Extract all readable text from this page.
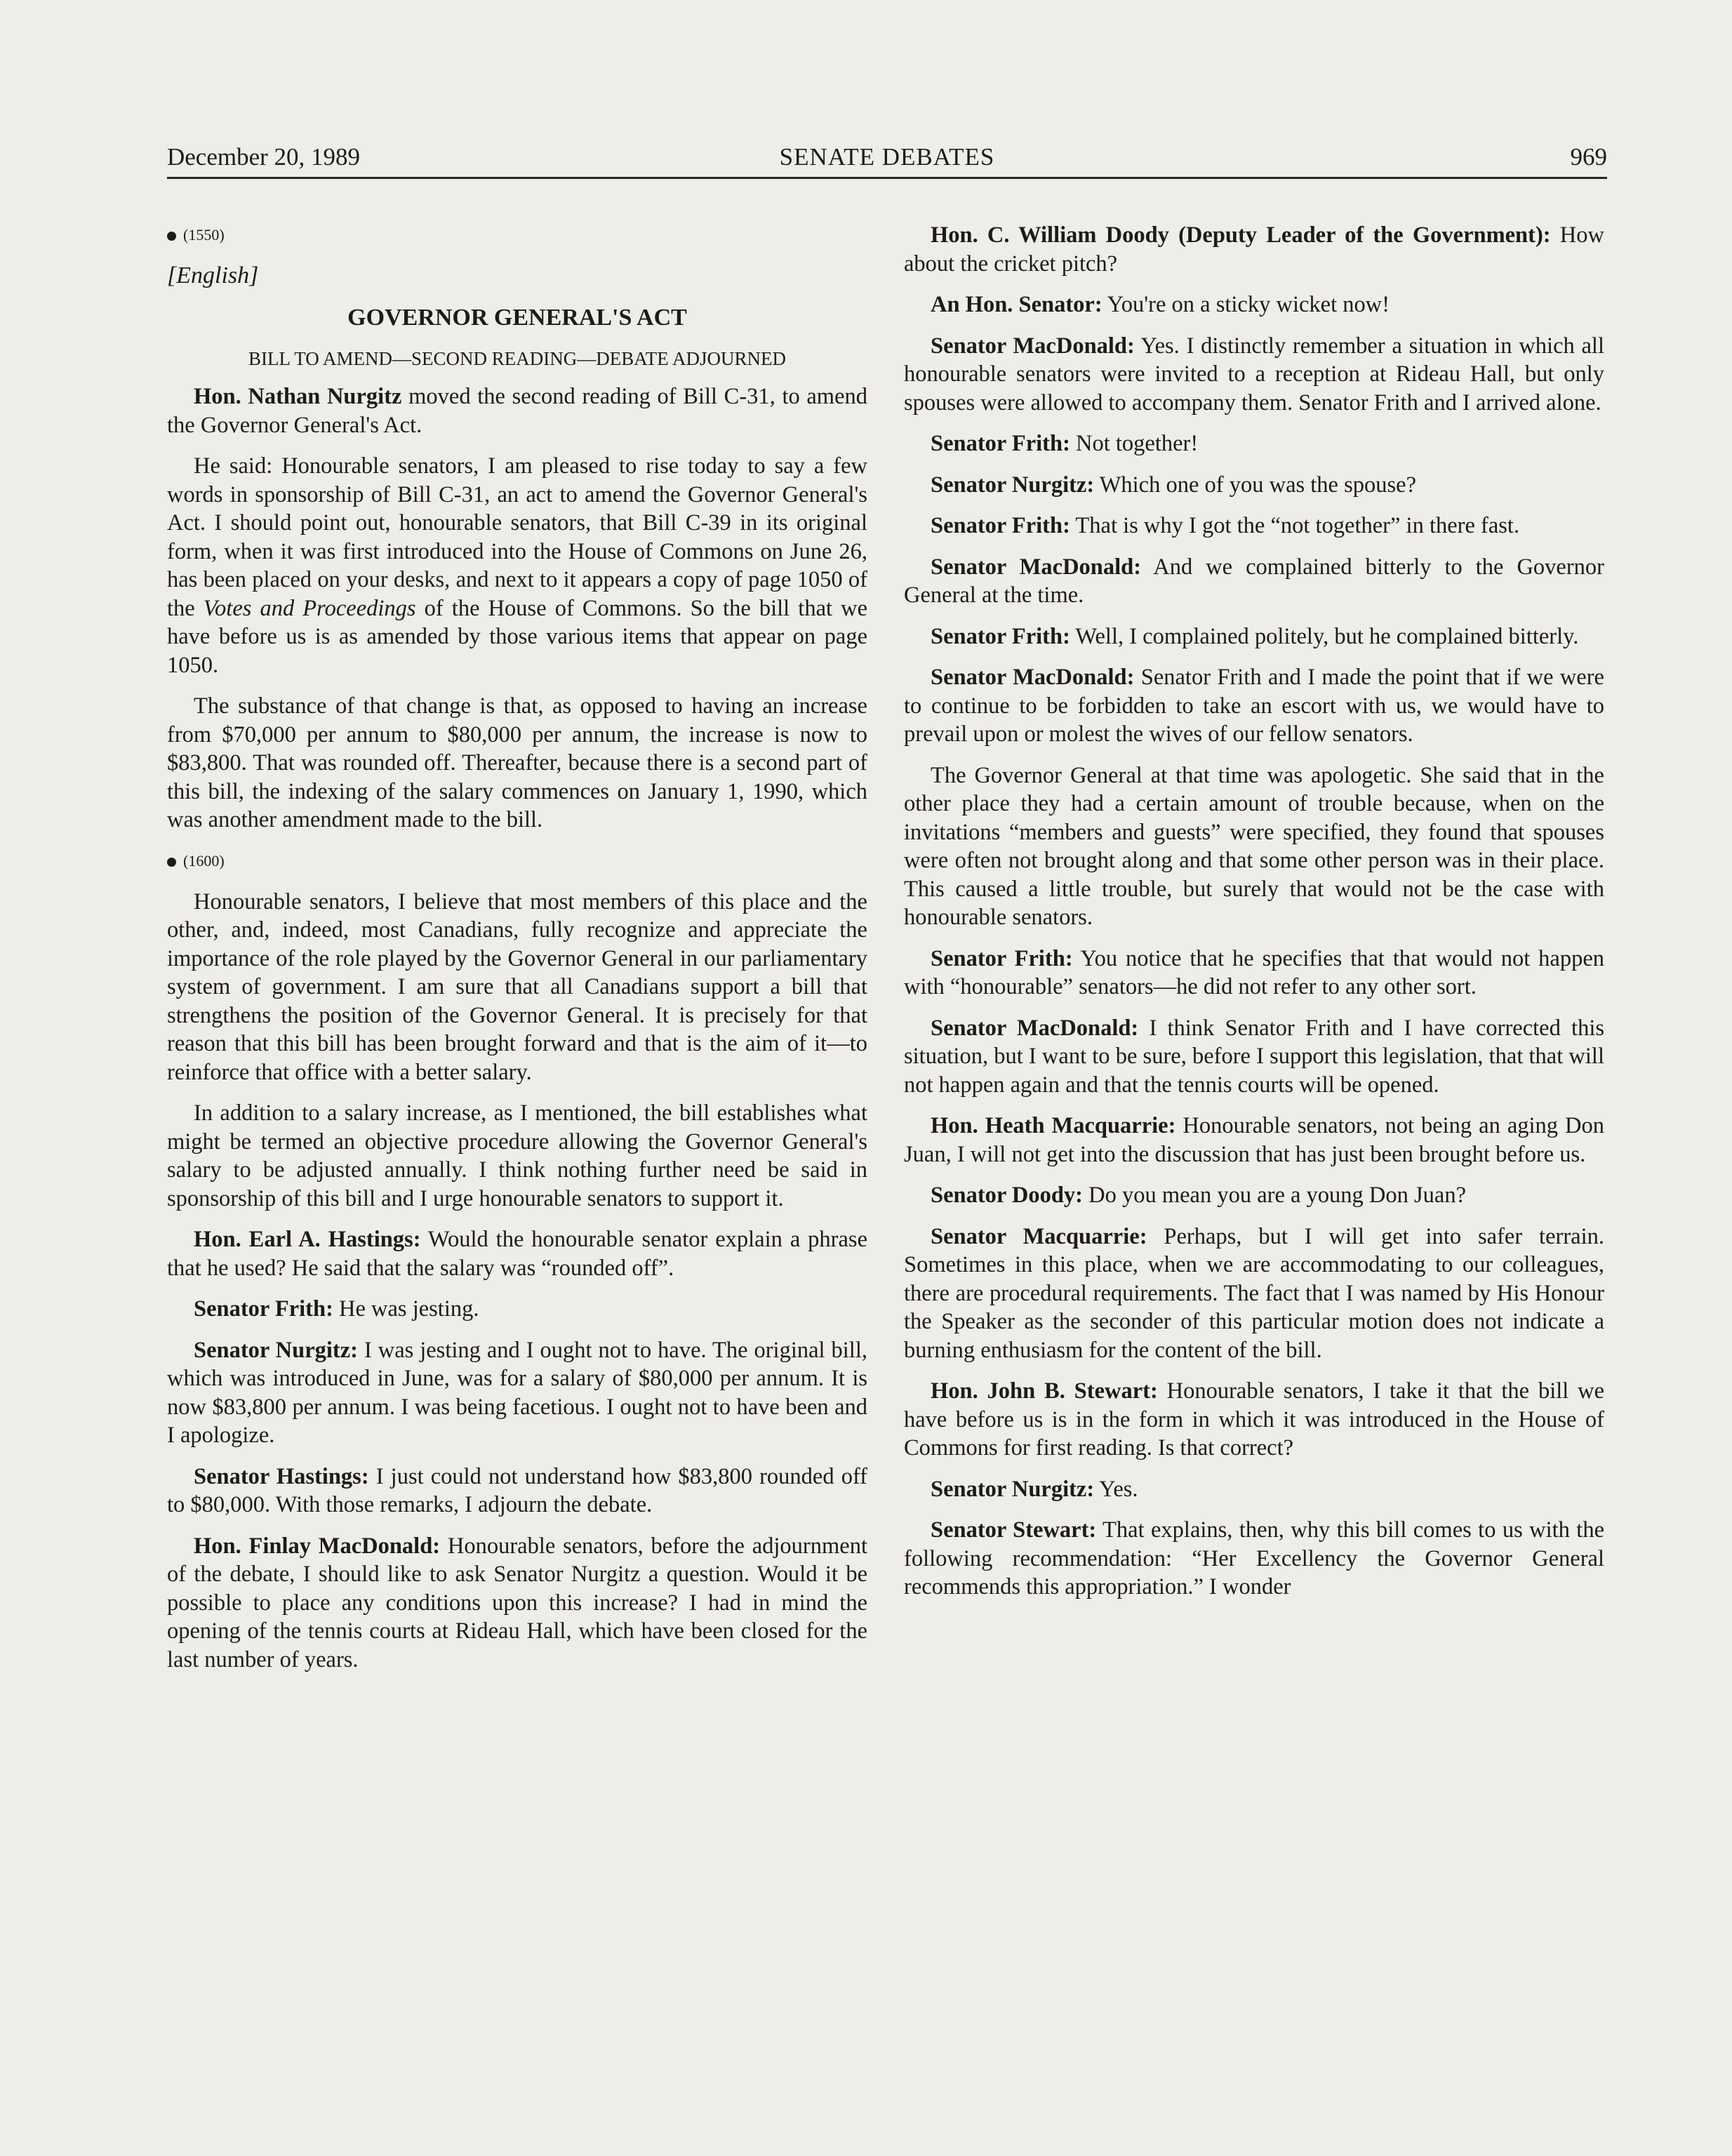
December 20, 1989	SENATE DEBATES	969
(1550)
[English]
GOVERNOR GENERAL'S ACT
BILL TO AMEND—SECOND READING—DEBATE ADJOURNED

Hon. Nathan Nurgitz moved the second reading of Bill C-31, to amend the Governor General's Act.

He said: Honourable senators, I am pleased to rise today to say a few words in sponsorship of Bill C-31, an act to amend the Governor General's Act. I should point out, honourable senators, that Bill C-39 in its original form, when it was first introduced into the House of Commons on June 26, has been placed on your desks, and next to it appears a copy of page 1050 of the Votes and Proceedings of the House of Commons. So the bill that we have before us is as amended by those various items that appear on page 1050.

The substance of that change is that, as opposed to having an increase from $70,000 per annum to $80,000 per annum, the increase is now to $83,800. That was rounded off. Thereafter, because there is a second part of this bill, the indexing of the salary commences on January 1, 1990, which was another amendment made to the bill.

(1600)

Honourable senators, I believe that most members of this place and the other, and, indeed, most Canadians, fully recognize and appreciate the importance of the role played by the Governor General in our parliamentary system of government. I am sure that all Canadians support a bill that strengthens the position of the Governor General. It is precisely for that reason that this bill has been brought forward and that is the aim of it—to reinforce that office with a better salary.

In addition to a salary increase, as I mentioned, the bill establishes what might be termed an objective procedure allowing the Governor General's salary to be adjusted annually. I think nothing further need be said in sponsorship of this bill and I urge honourable senators to support it.

Hon. Earl A. Hastings: Would the honourable senator explain a phrase that he used? He said that the salary was “rounded off”.

Senator Frith: He was jesting.

Senator Nurgitz: I was jesting and I ought not to have. The original bill, which was introduced in June, was for a salary of $80,000 per annum. It is now $83,800 per annum. I was being facetious. I ought not to have been and I apologize.

Senator Hastings: I just could not understand how $83,800 rounded off to $80,000. With those remarks, I adjourn the debate.

Hon. Finlay MacDonald: Honourable senators, before the adjournment of the debate, I should like to ask Senator Nurgitz a question. Would it be possible to place any conditions upon this increase? I had in mind the opening of the tennis courts at Rideau Hall, which have been closed for the last number of years.

Hon. C. William Doody (Deputy Leader of the Government): How about the cricket pitch?

An Hon. Senator: You're on a sticky wicket now!

Senator MacDonald: Yes. I distinctly remember a situation in which all honourable senators were invited to a reception at Rideau Hall, but only spouses were allowed to accompany them. Senator Frith and I arrived alone.

Senator Frith: Not together!

Senator Nurgitz: Which one of you was the spouse?

Senator Frith: That is why I got the “not together” in there fast.

Senator MacDonald: And we complained bitterly to the Governor General at the time.

Senator Frith: Well, I complained politely, but he complained bitterly.

Senator MacDonald: Senator Frith and I made the point that if we were to continue to be forbidden to take an escort with us, we would have to prevail upon or molest the wives of our fellow senators.

The Governor General at that time was apologetic. She said that in the other place they had a certain amount of trouble because, when on the invitations “members and guests” were specified, they found that spouses were often not brought along and that some other person was in their place. This caused a little trouble, but surely that would not be the case with honourable senators.

Senator Frith: You notice that he specifies that that would not happen with “honourable” senators—he did not refer to any other sort.

Senator MacDonald: I think Senator Frith and I have corrected this situation, but I want to be sure, before I support this legislation, that that will not happen again and that the tennis courts will be opened.

Hon. Heath Macquarrie: Honourable senators, not being an aging Don Juan, I will not get into the discussion that has just been brought before us.

Senator Doody: Do you mean you are a young Don Juan?

Senator Macquarrie: Perhaps, but I will get into safer terrain. Sometimes in this place, when we are accommodating to our colleagues, there are procedural requirements. The fact that I was named by His Honour the Speaker as the seconder of this particular motion does not indicate a burning enthusiasm for the content of the bill.

Hon. John B. Stewart: Honourable senators, I take it that the bill we have before us is in the form in which it was introduced in the House of Commons for first reading. Is that correct?

Senator Nurgitz: Yes.

Senator Stewart: That explains, then, why this bill comes to us with the following recommendation: “Her Excellency the Governor General recommends this appropriation.” I wonder
